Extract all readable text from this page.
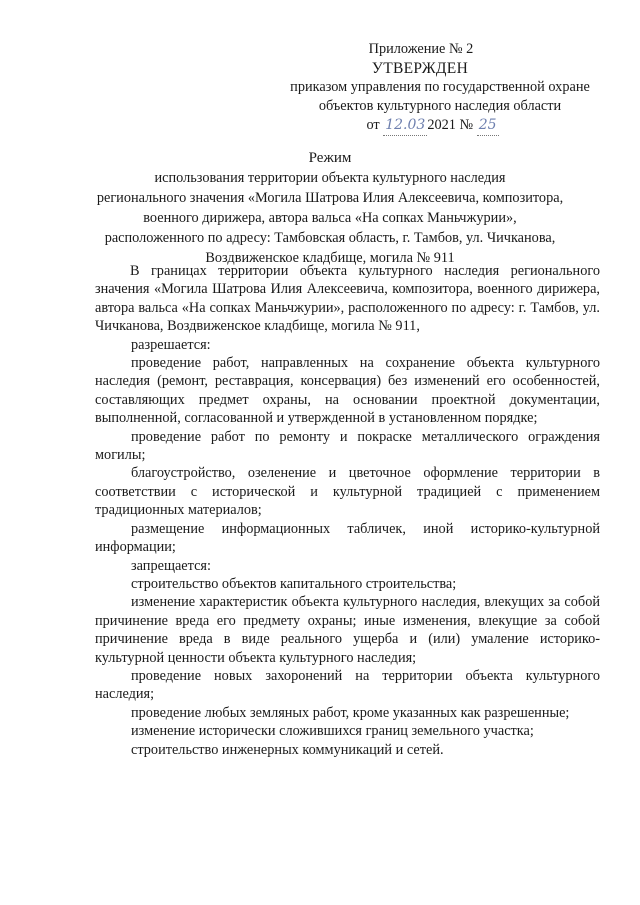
Приложение № 2
УТВЕРЖДЕН
приказом управления по государственной охране
объектов культурного наследия области
от 12.03 2021 № 25
Режим
использования территории объекта культурного наследия
регионального значения «Могила Шатрова Илия Алексеевича, композитора,
военного дирижера, автора вальса «На сопках Маньчжурии»,
расположенного по адресу: Тамбовская область, г. Тамбов, ул. Чичканова,
Воздвиженское кладбище, могила № 911

В границах территории объекта культурного наследия регионального значения «Могила Шатрова Илия Алексеевича, композитора, военного дирижера, автора вальса «На сопках Маньчжурии», расположенного по адресу: г. Тамбов, ул. Чичканова, Воздвиженское кладбище, могила № 911,

разрешается:

проведение работ, направленных на сохранение объекта культурного наследия (ремонт, реставрация, консервация) без изменений его особенностей, составляющих предмет охраны, на основании проектной документации, выполненной, согласованной и утвержденной в установленном порядке;

проведение работ по ремонту и покраске металлического ограждения могилы;

благоустройство, озеленение и цветочное оформление территории в соответствии с исторической и культурной традицией с применением традиционных материалов;

размещение информационных табличек, иной историко-культурной информации;

запрещается:

строительство объектов капитального строительства;

изменение характеристик объекта культурного наследия, влекущих за собой причинение вреда его предмету охраны; иные изменения, влекущие за собой причинение вреда в виде реального ущерба и (или) умаление историко-культурной ценности объекта культурного наследия;

проведение новых захоронений на территории объекта культурного наследия;

проведение любых земляных работ, кроме указанных как разрешенные;

изменение исторически сложившихся границ земельного участка;

строительство инженерных коммуникаций и сетей.
